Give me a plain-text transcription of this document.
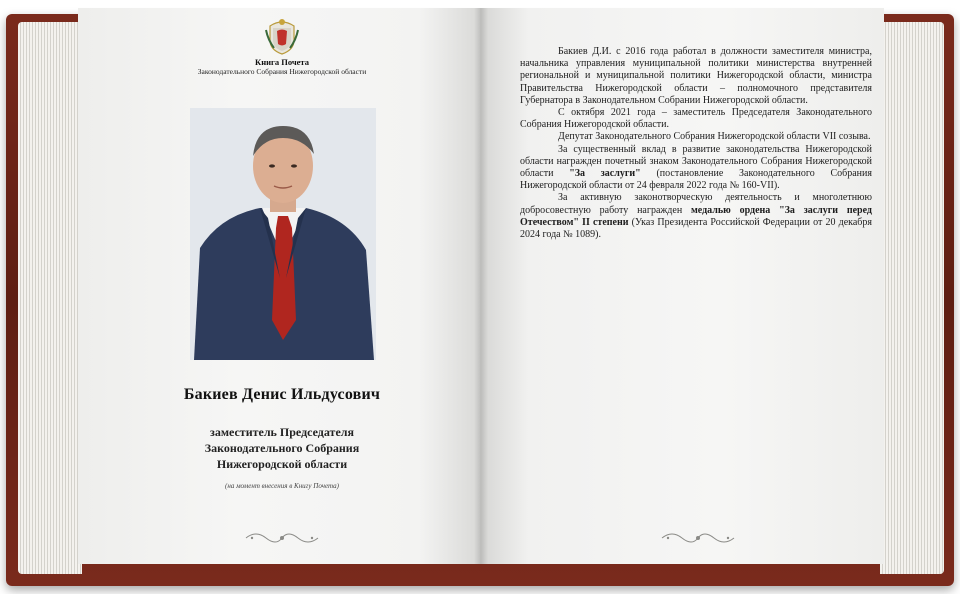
Книга Почета
Законодательного Собрания Нижегородской области
Бакиев Денис Ильдусович
заместитель Председателя
Законодательного Собрания
Нижегородской области
(на момент внесения в Книгу Почета)

Бакиев Д.И. с 2016 года работал в должности заместителя министра, начальника управления муниципальной политики министерства внутренней региональной и муниципальной политики Нижегородской области, министра Правительства Нижегородской области – полномочного представителя Губернатора в Законодательном Собрании Нижегородской области.

С октября 2021 года – заместитель Председателя Законодательного Собрания Нижегородской области.

Депутат Законодательного Собрания Нижегородской области VII созыва.

За существенный вклад в развитие законодательства Нижегородской области награжден почетный знаком Законодательного Собрания Нижегородской области "За заслуги" (постановление Законодательного Собрания Нижегородской области от 24 февраля 2022 года № 160-VII).

За активную законотворческую деятельность и многолетнюю добросовестную работу награжден медалью ордена "За заслуги перед Отечеством" II степени (Указ Президента Российской Федерации от 20 декабря 2024 года № 1089).
